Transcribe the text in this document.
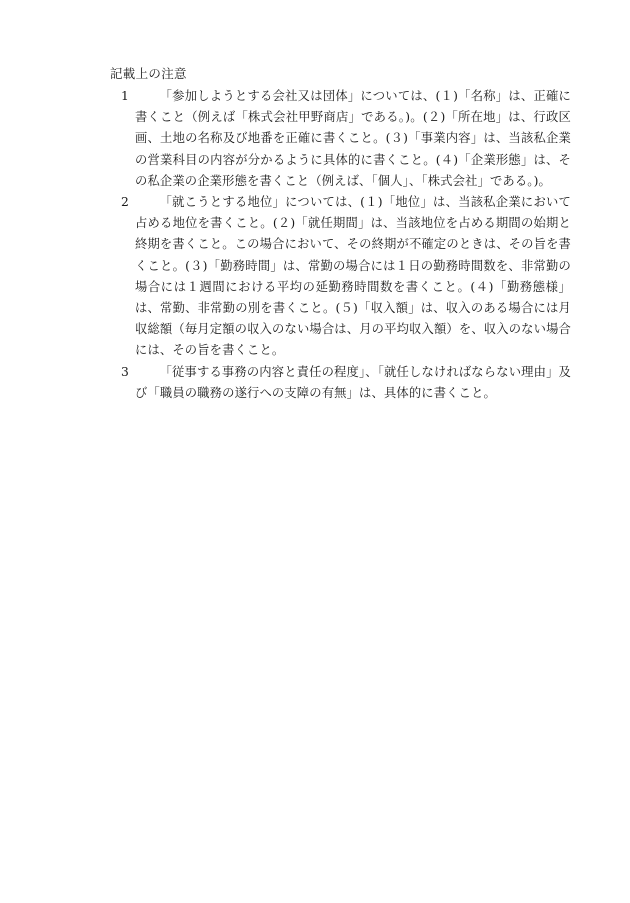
記載上の注意
1	「参加しようとする会社又は団体」については、(１)「名称」は、正確に書くこと（例えば「株式会社甲野商店」である。)。(２)「所在地」は、行政区画、土地の名称及び地番を正確に書くこと。(３)「事業内容」は、当該私企業の営業科目の内容が分かるように具体的に書くこと。(４)「企業形態」は、その私企業の企業形態を書くこと（例えば、「個人」、「株式会社」である。)。
2	「就こうとする地位」については、(１)「地位」は、当該私企業において占める地位を書くこと。(２)「就任期間」は、当該地位を占める期間の始期と終期を書くこと。この場合において、その終期が不確定のときは、その旨を書くこと。(３)「勤務時間」は、常勤の場合には１日の勤務時間数を、非常勤の場合には１週間における平均の延勤務時間数を書くこと。(４)「勤務態様」は、常勤、非常勤の別を書くこと。(５)「収入額」は、収入のある場合には月収総額（毎月定額の収入のない場合は、月の平均収入額）を、収入のない場合には、その旨を書くこと。
3	「従事する事務の内容と責任の程度」、「就任しなければならない理由」及び「職員の職務の遂行への支障の有無」は、具体的に書くこと。
